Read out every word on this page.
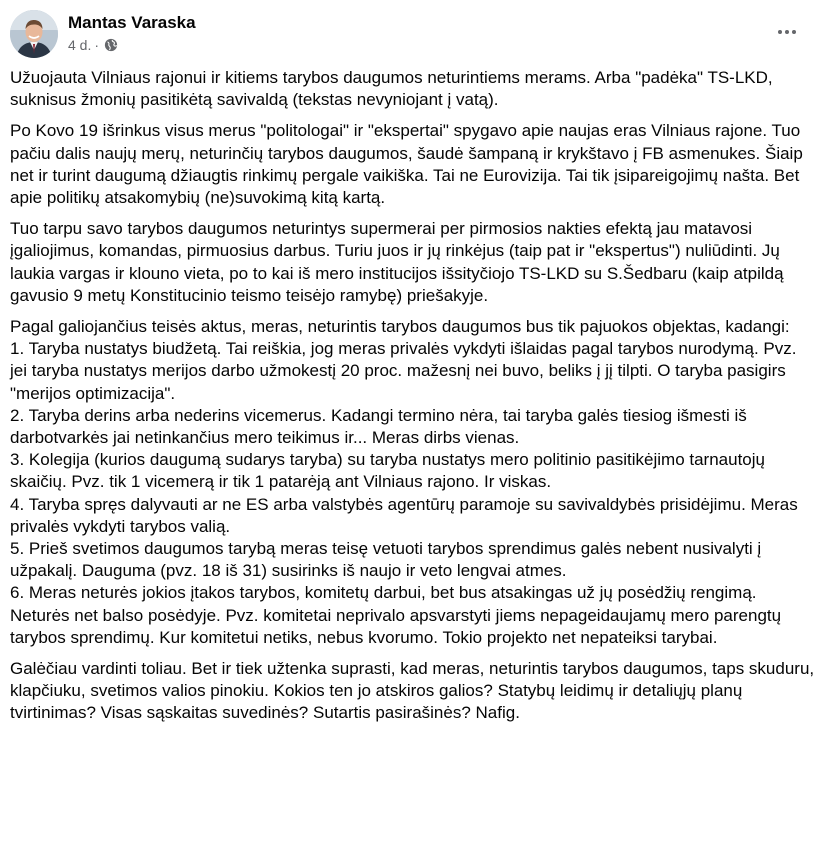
Mantas Varaska
4 d. ·

Užuojauta Vilniaus rajonui ir kitiems tarybos daugumos neturintiems merams. Arba "padėka" TS-LKD, suknisus žmonių pasitikėtą savivaldą (tekstas nevyniojant į vatą).

Po Kovo 19 išrinkus visus merus "politologai" ir "ekspertai" spygavo apie naujas eras Vilniaus rajone. Tuo pačiu dalis naujų merų, neturinčių tarybos daugumos, šaudė šampaną ir krykštavo į FB asmenukes. Šiaip net ir turint daugumą džiaugtis rinkimų pergale vaikiška. Tai ne Eurovizija. Tai tik įsipareigojimų našta. Bet apie politikų atsakomybių (ne)suvokimą kitą kartą.

Tuo tarpu savo tarybos daugumos neturintys supermerai per pirmosios nakties efektą jau matavosi įgaliojimus, komandas, pirmuosius darbus. Turiu juos ir jų rinkėjus (taip pat ir "ekspertus") nuliūdinti. Jų laukia vargas ir klouno vieta, po to kai iš mero institucijos išsityčiojo TS-LKD su S.Šedbaru (kaip atpildą gavusio 9 metų Konstitucinio teismo teisėjo ramybę) priešakyje.

Pagal galiojančius teisės aktus, meras, neturintis tarybos daugumos bus tik pajuokos objektas, kadangi:
1. Taryba nustatys biudžetą. Tai reiškia, jog meras privalės vykdyti išlaidas pagal tarybos nurodymą. Pvz. jei taryba nustatys merijos darbo užmokestį 20 proc. mažesnį nei buvo, beliks į jį tilpti. O taryba pasigirs "merijos optimizacija".
2. Taryba derins arba nederins vicemerus. Kadangi termino nėra, tai taryba galės tiesiog išmesti iš darbotvarkės jai netinkančius mero teikimus ir... Meras dirbs vienas.
3. Kolegija (kurios daugumą sudarys taryba) su taryba nustatys mero politinio pasitikėjimo tarnautojų skaičių. Pvz. tik 1 vicemerą ir tik 1 patarėją ant Vilniaus rajono. Ir viskas.
4. Taryba spręs dalyvauti ar ne ES arba valstybės agentūrų paramoje su savivaldybės prisidėjimu. Meras privalės vykdyti tarybos valią.
5. Prieš svetimos daugumos tarybą meras teisę vetuoti tarybos sprendimus galės nebent nusivalyti į užpakalį. Dauguma (pvz. 18 iš 31) susirinks iš naujo ir veto lengvai atmes.
6. Meras neturės jokios įtakos tarybos, komitetų darbui, bet bus atsakingas už jų posėdžių rengimą. Neturės net balso posėdyje. Pvz. komitetai neprivalo apsvarstyti jiems nepageidaujamų mero parengtų tarybos sprendimų. Kur komitetui netiks, nebus kvorumo. Tokio projekto net nepateiksi tarybai.

Galėčiau vardinti toliau. Bet ir tiek užtenka suprasti, kad meras, neturintis tarybos daugumos, taps skuduru, klapčiuku, svetimos valios pinokiu. Kokios ten jo atskiros galios? Statybų leidimų ir detaliųjų planų tvirtinimas? Visas sąskaitas suvedinės? Sutartis pasirašinės? Nafig.
